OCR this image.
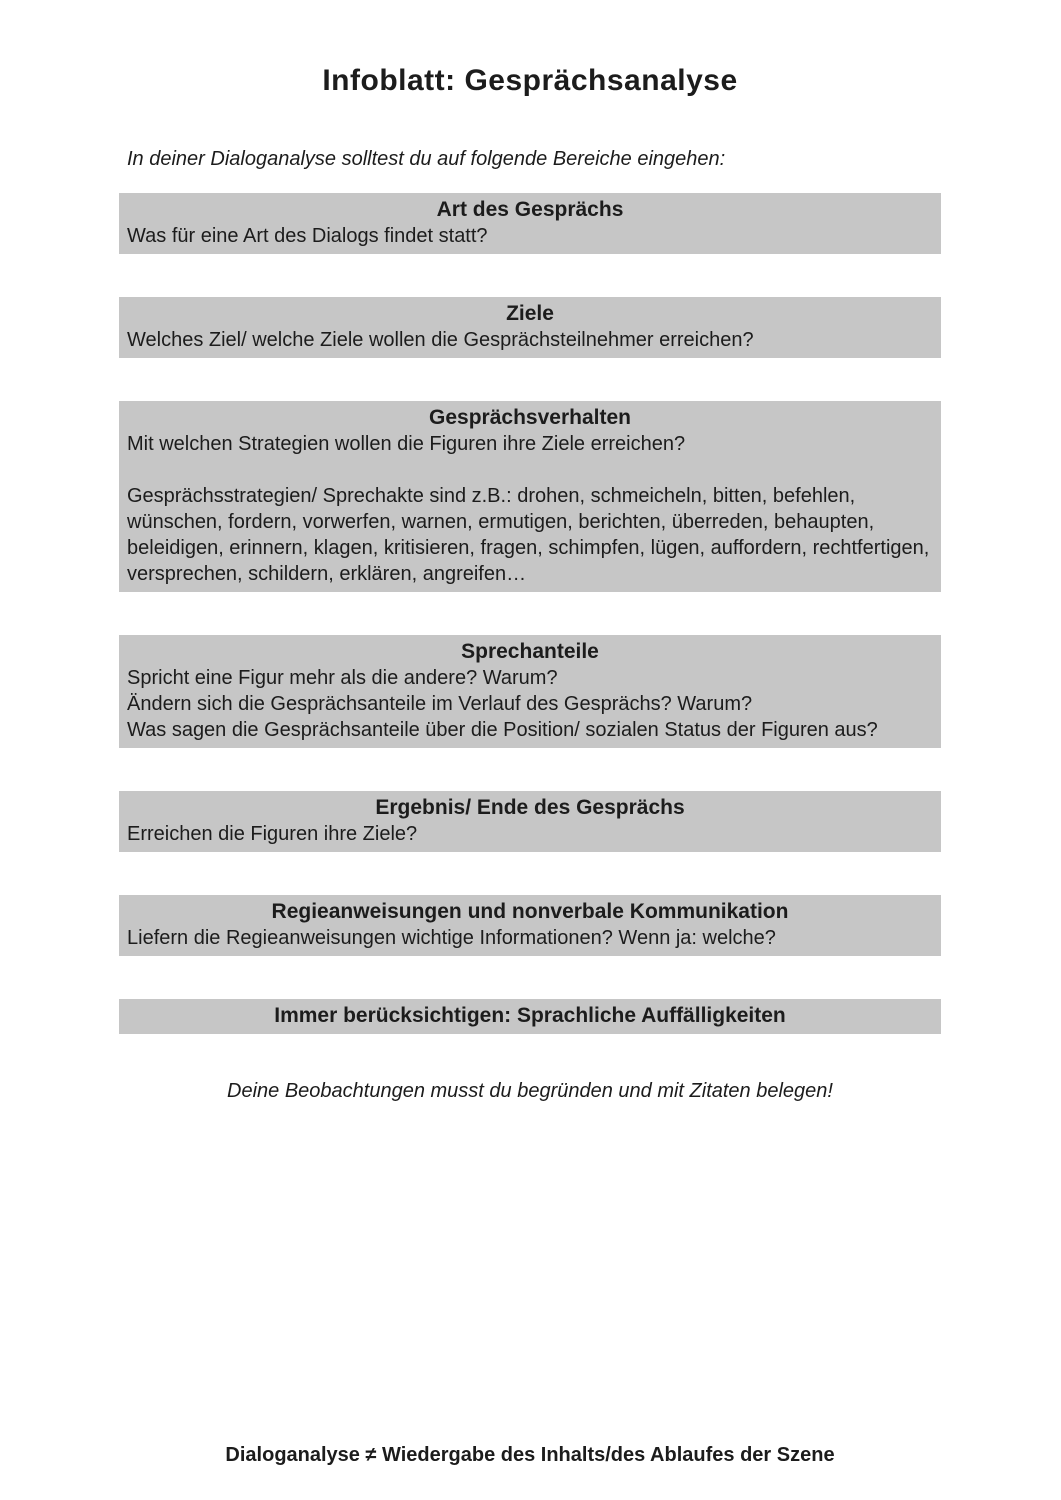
Infoblatt: Gesprächsanalyse

In deiner Dialoganalyse solltest du auf folgende Bereiche eingehen:

Art des Gesprächs

Was für eine Art des Dialogs findet statt?

Ziele

Welches Ziel/ welche Ziele wollen die Gesprächsteilnehmer erreichen?

Gesprächsverhalten

Mit welchen Strategien wollen die Figuren ihre Ziele erreichen?

Gesprächsstrategien/ Sprechakte sind z.B.: drohen, schmeicheln, bitten, befehlen, wünschen, fordern, vorwerfen, warnen, ermutigen, berichten, überreden, behaupten, beleidigen, erinnern, klagen, kritisieren, fragen, schimpfen, lügen, auffordern, rechtfertigen, versprechen, schildern, erklären, angreifen…

Sprechanteile

Spricht eine Figur mehr als die andere? Warum?

Ändern sich die Gesprächsanteile im Verlauf des Gesprächs? Warum?

Was sagen die Gesprächsanteile über die Position/ sozialen Status der Figuren aus?

Ergebnis/ Ende des Gesprächs

Erreichen die Figuren ihre Ziele?

Regieanweisungen und nonverbale Kommunikation

Liefern die Regieanweisungen wichtige Informationen? Wenn ja: welche?

Immer berücksichtigen: Sprachliche Auffälligkeiten

Deine Beobachtungen musst du begründen und mit Zitaten belegen!

Dialoganalyse ≠ Wiedergabe des Inhalts/des Ablaufes der Szene
